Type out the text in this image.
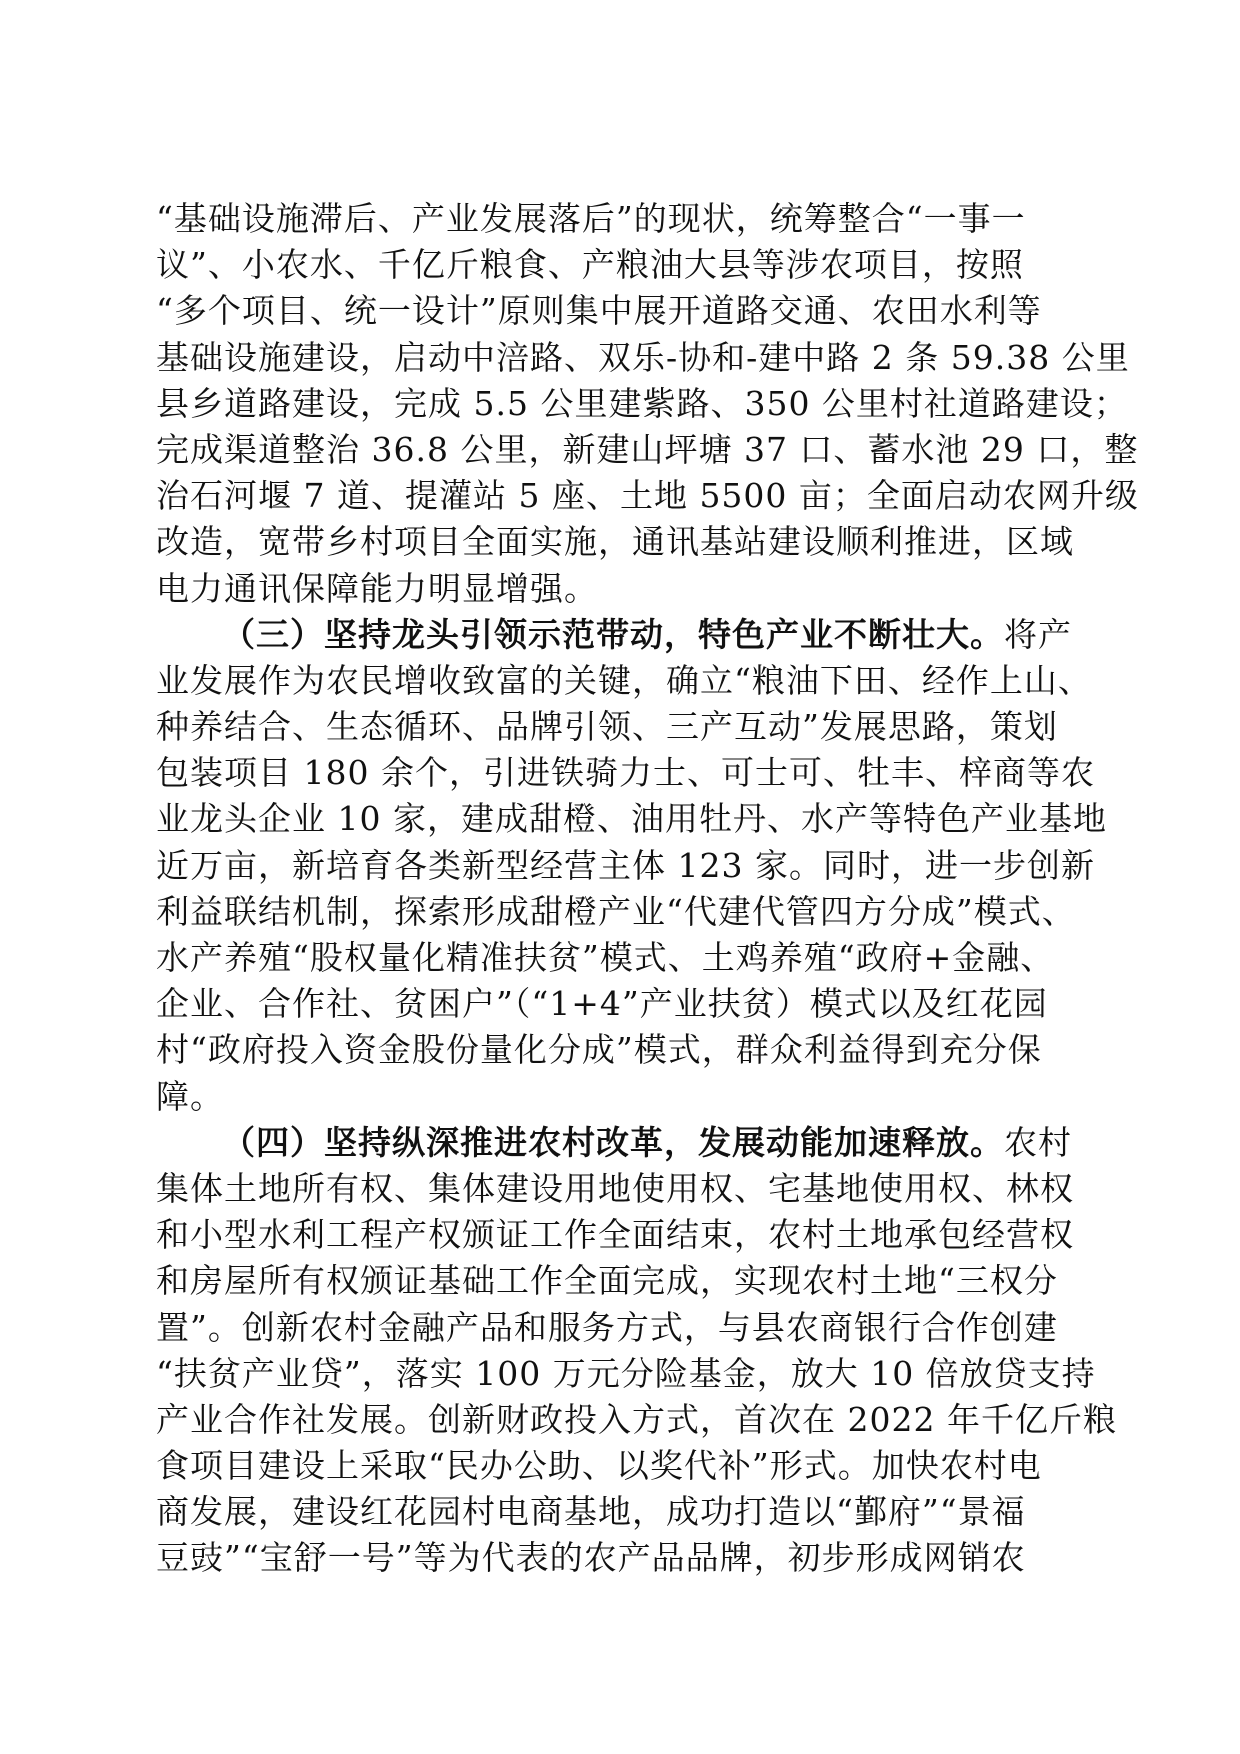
“基础设施滞后、产业发展落后”的现状，统筹整合“一事一
议”、小农水、千亿斤粮食、产粮油大县等涉农项目，按照
“多个项目、统一设计”原则集中展开道路交通、农田水利等
基础设施建设，启动中涪路、双乐-协和-建中路 2 条 59.38 公里
县乡道路建设，完成 5.5 公里建紫路、350 公里村社道路建设；
完成渠道整治 36.8 公里，新建山坪塘 37 口、蓄水池 29 口，整
治石河堰 7 道、提灌站 5 座、土地 5500 亩；全面启动农网升级
改造，宽带乡村项目全面实施，通讯基站建设顺利推进，区域
电力通讯保障能力明显增强。
（三）坚持龙头引领示范带动，特色产业不断壮大。将产
业发展作为农民增收致富的关键，确立“粮油下田、经作上山、
种养结合、生态循环、品牌引领、三产互动”发展思路，策划
包装项目 180 余个，引进铁骑力士、可士可、牡丰、梓商等农
业龙头企业 10 家，建成甜橙、油用牡丹、水产等特色产业基地
近万亩，新培育各类新型经营主体 123 家。同时，进一步创新
利益联结机制，探索形成甜橙产业“代建代管四方分成”模式、
水产养殖“股权量化精准扶贫”模式、土鸡养殖“政府+金融、
企业、合作社、贫困户”（“1+4”产业扶贫）模式以及红花园
村“政府投入资金股份量化分成”模式，群众利益得到充分保
障。
（四）坚持纵深推进农村改革，发展动能加速释放。农村
集体土地所有权、集体建设用地使用权、宅基地使用权、林权
和小型水利工程产权颁证工作全面结束，农村土地承包经营权
和房屋所有权颁证基础工作全面完成，实现农村土地“三权分
置”。创新农村金融产品和服务方式，与县农商银行合作创建
“扶贫产业贷”，落实 100 万元分险基金，放大 10 倍放贷支持
产业合作社发展。创新财政投入方式，首次在 2022 年千亿斤粮
食项目建设上采取“民办公助、以奖代补”形式。加快农村电
商发展，建设红花园村电商基地，成功打造以“鄞府”“景福
豆豉”“宝舒一号”等为代表的农产品品牌，初步形成网销农
